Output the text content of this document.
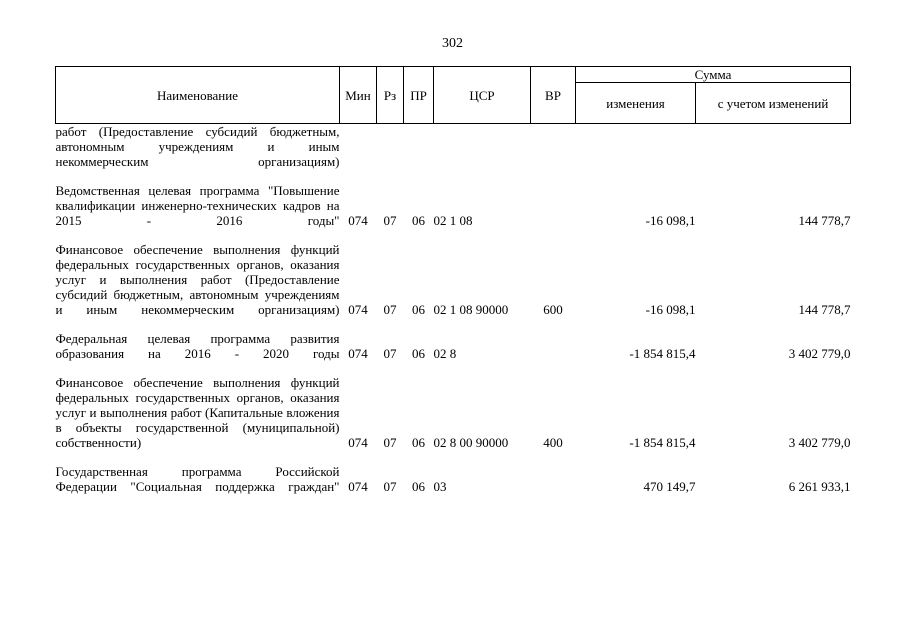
302
Наименование	Мин	Рз	ПР	ЦСР	ВР	Сумма	
						изменения	с учетом изменений
работ (Предоставление субсидий бюджетным, автономным учреждениям и иным некоммерческим организациям)							

Ведомственная целевая программа "Повышение квалификации инженерно-технических кадров на 2015 - 2016 годы"	074	07	06	02 1 08		-16 098,1	144 778,7

Финансовое обеспечение выполнения функций федеральных государственных органов, оказания услуг и выполнения работ (Предоставление субсидий бюджетным, автономным учреждениям и иным некоммерческим организациям)	074	07	06	02 1 08 90000	600	-16 098,1	144 778,7

Федеральная целевая программа развития образования на 2016 - 2020 годы	074	07	06	02 8		-1 854 815,4	3 402 779,0

Финансовое обеспечение выполнения функций федеральных государственных органов, оказания услуг и выполнения работ (Капитальные вложения в объекты государственной (муниципальной) собственности)	074	07	06	02 8 00 90000	400	-1 854 815,4	3 402 779,0

Государственная программа Российской Федерации "Социальная поддержка граждан"	074	07	06	03		470 149,7	6 261 933,1
